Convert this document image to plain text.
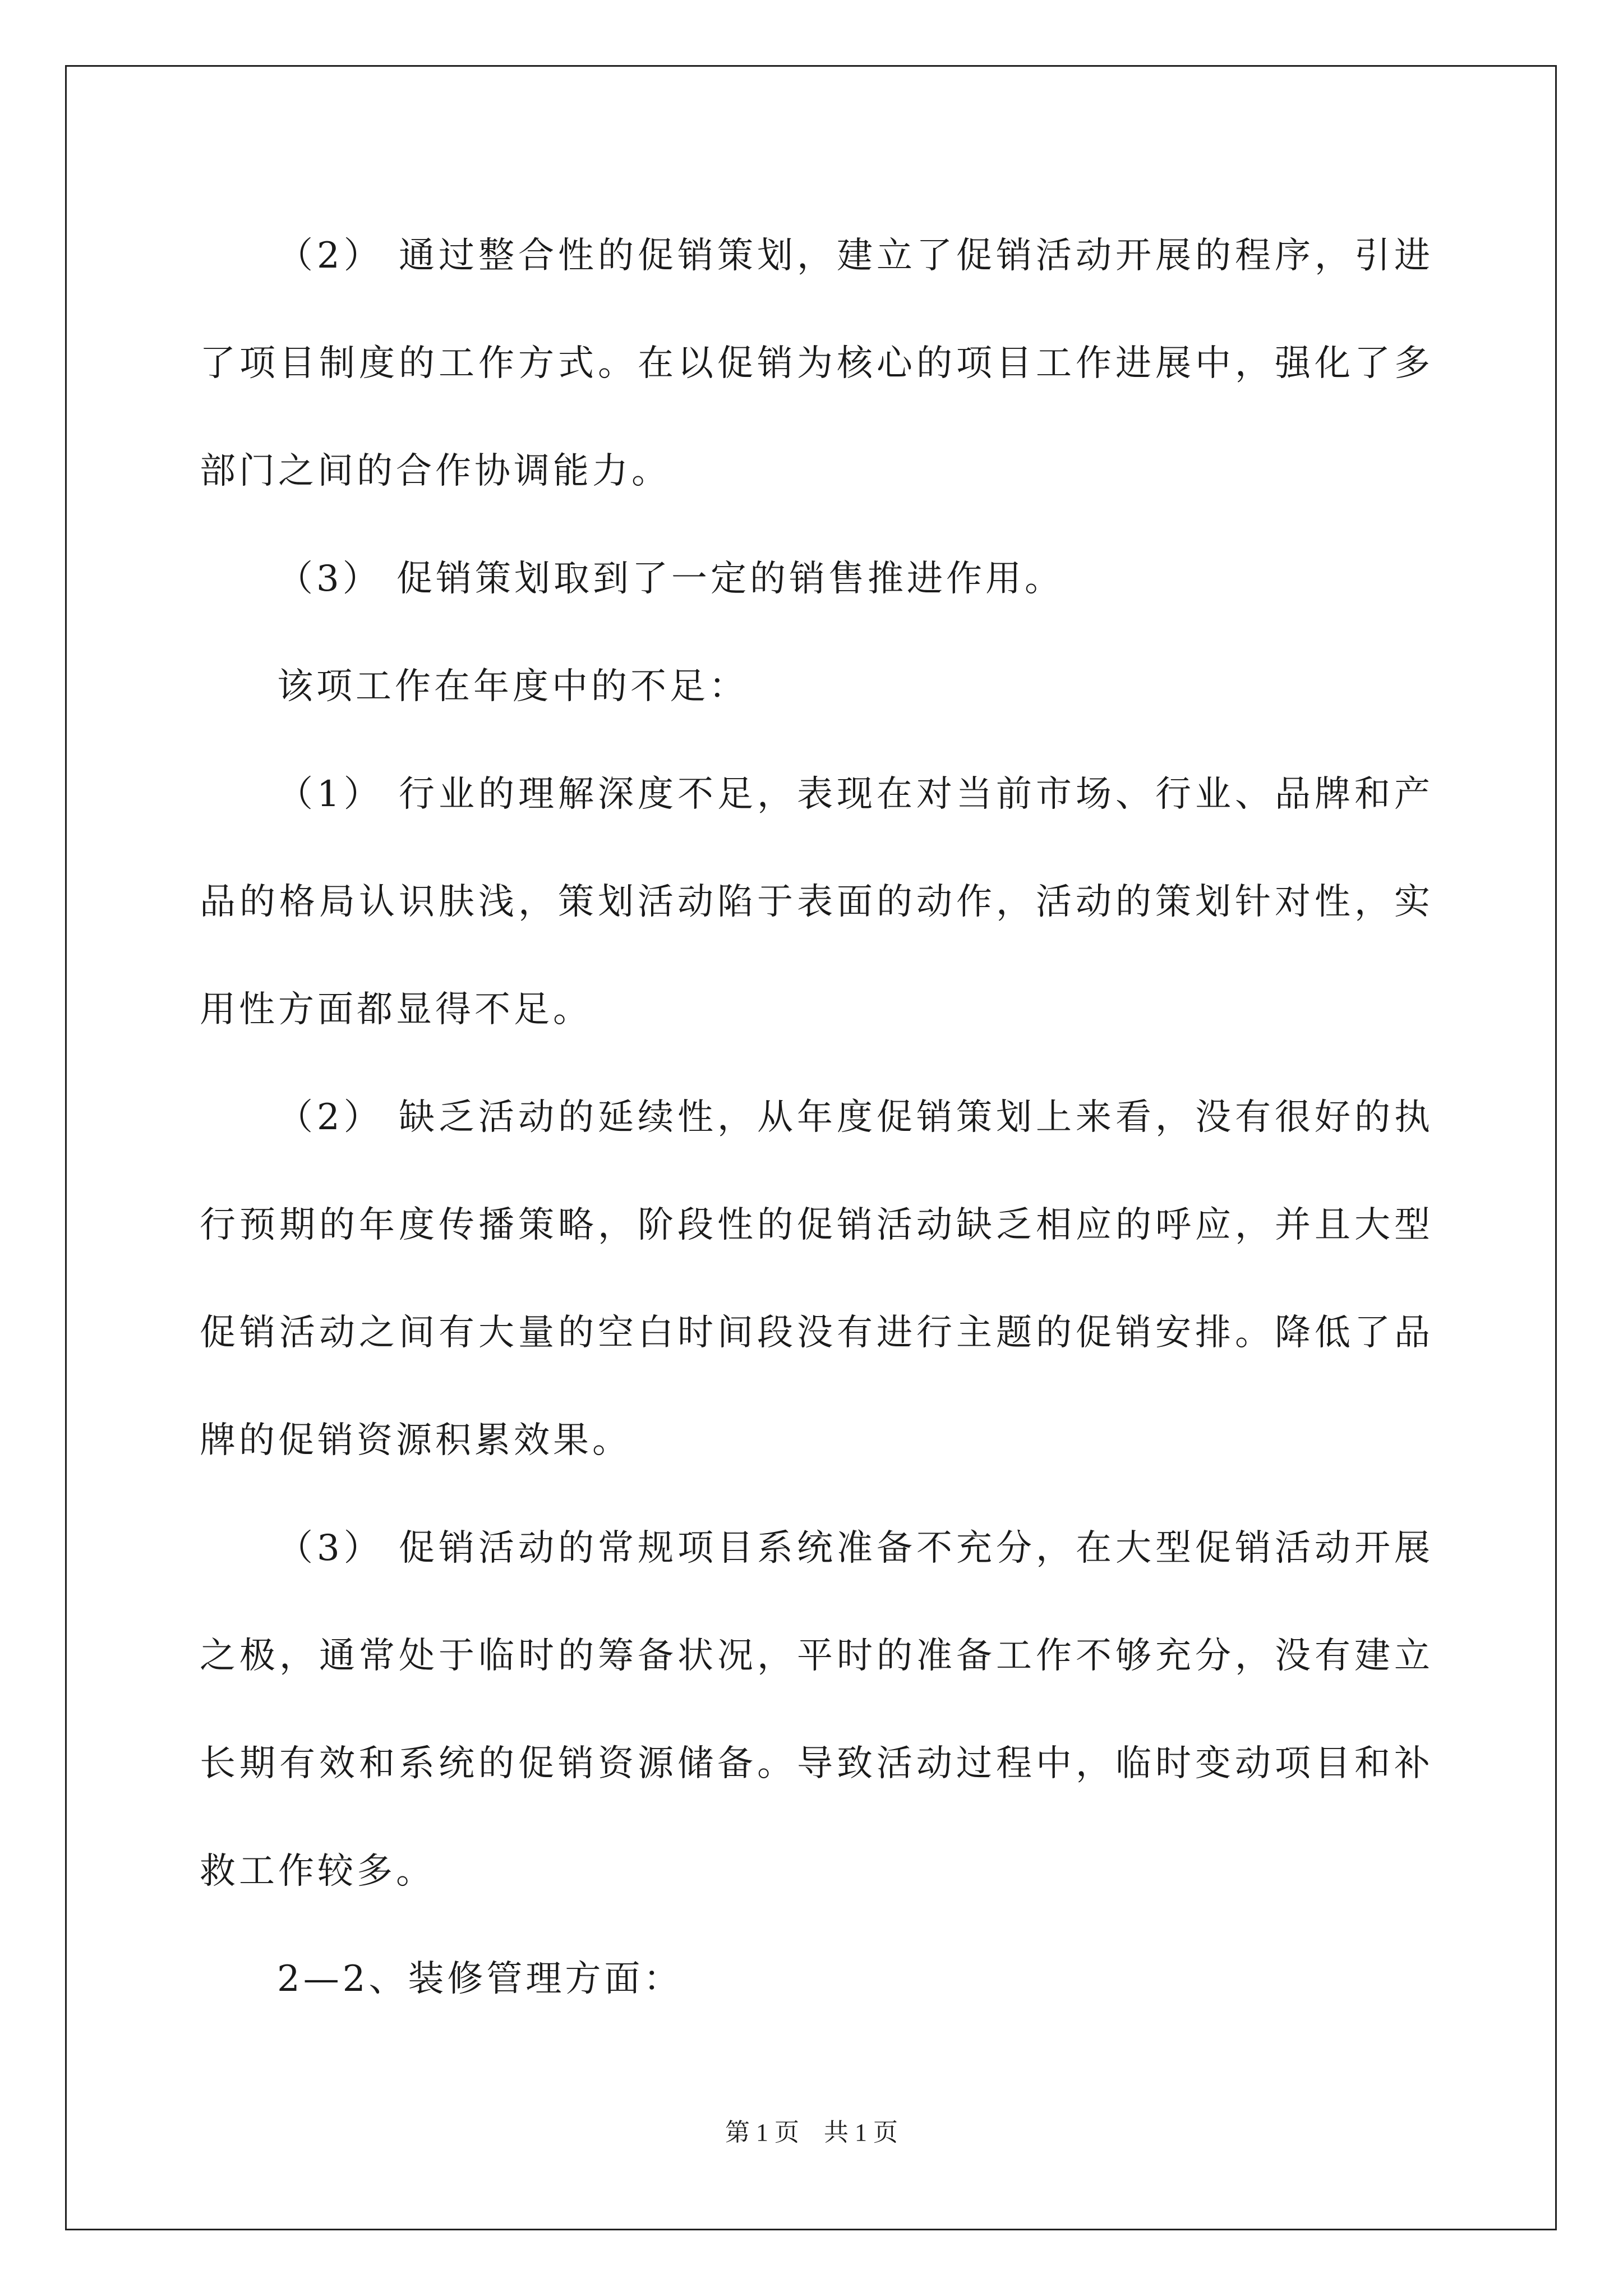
（2） 通过整合性的促销策划，建立了促销活动开展的程序，引进了项目制度的工作方式。在以促销为核心的项目工作进展中，强化了多部门之间的合作协调能力。

（3） 促销策划取到了一定的销售推进作用。

该项工作在年度中的不足：

（1） 行业的理解深度不足，表现在对当前市场、行业、品牌和产品的格局认识肤浅，策划活动陷于表面的动作，活动的策划针对性，实用性方面都显得不足。

（2） 缺乏活动的延续性，从年度促销策划上来看，没有很好的执行预期的年度传播策略，阶段性的促销活动缺乏相应的呼应，并且大型促销活动之间有大量的空白时间段没有进行主题的促销安排。降低了品牌的促销资源积累效果。

（3） 促销活动的常规项目系统准备不充分，在大型促销活动开展之极，通常处于临时的筹备状况，平时的准备工作不够充分，没有建立长期有效和系统的促销资源储备。导致活动过程中，临时变动项目和补救工作较多。

2—2、装修管理方面：

第 1 页　共 1 页
